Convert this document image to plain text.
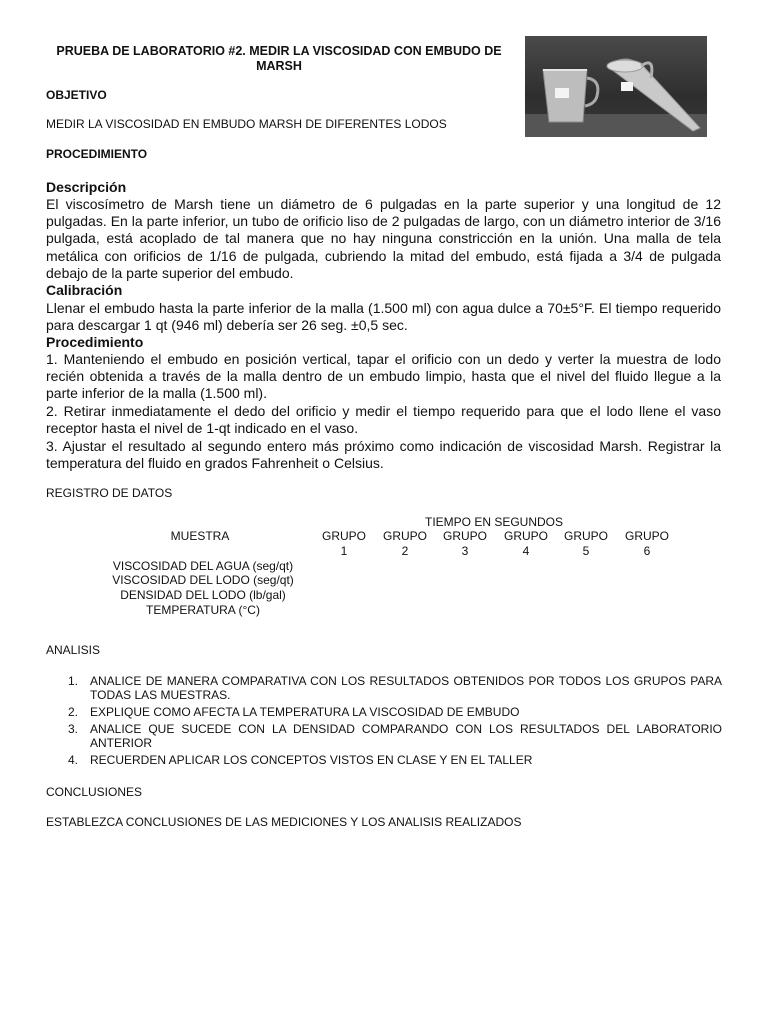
PRUEBA DE LABORATORIO #2. MEDIR LA VISCOSIDAD CON EMBUDO DE MARSH

OBJETIVO

MEDIR LA VISCOSIDAD EN EMBUDO MARSH DE DIFERENTES LODOS

PROCEDIMIENTO

Descripción

El viscosímetro de Marsh tiene un diámetro de 6 pulgadas en la parte superior y una longitud de 12 pulgadas. En la parte inferior, un tubo de orificio liso de 2 pulgadas de largo, con un diámetro interior de 3/16 pulgada, está acoplado de tal manera que no hay ninguna constricción en la unión. Una malla de tela metálica con orificios de 1/16 de pulgada, cubriendo la mitad del embudo, está fijada a 3/4 de pulgada debajo de la parte superior del embudo.

Calibración

Llenar el embudo hasta la parte inferior de la malla (1.500 ml) con agua dulce a 70±5°F. El tiempo requerido para descargar 1 qt (946 ml) debería ser 26 seg. ±0,5 sec.

Procedimiento

1. Manteniendo el embudo en posición vertical, tapar el orificio con un dedo y verter la muestra de lodo recién obtenida a través de la malla dentro de un embudo limpio, hasta que el nivel del fluido llegue a la parte inferior de la malla (1.500 ml).

2. Retirar inmediatamente el dedo del orificio y medir el tiempo requerido para que el lodo llene el vaso receptor hasta el nivel de 1-qt indicado en el vaso.

3. Ajustar el resultado al segundo entero más próximo como indicación de viscosidad Marsh. Registrar la temperatura del fluido en grados Fahrenheit o Celsius.

REGISTRO DE DATOS

TIEMPO EN SEGUNDOS
MUESTRA	GRUPO
1
GRUPO
2
GRUPO
3
GRUPO
4
GRUPO
5
GRUPO
6
VISCOSIDAD DEL AGUA (seg/qt)
VISCOSIDAD DEL LODO (seg/qt)
DENSIDAD DEL LODO (lb/gal)
TEMPERATURA (°C)

ANALISIS

1. ANALICE DE MANERA COMPARATIVA CON LOS RESULTADOS OBTENIDOS POR TODOS LOS GRUPOS PARA TODAS LAS MUESTRAS.
2. EXPLIQUE COMO AFECTA LA TEMPERATURA LA VISCOSIDAD DE EMBUDO
3. ANALICE QUE SUCEDE CON LA DENSIDAD COMPARANDO CON LOS RESULTADOS DEL LABORATORIO ANTERIOR
4. RECUERDEN APLICAR LOS CONCEPTOS VISTOS EN CLASE Y EN EL TALLER

CONCLUSIONES

ESTABLEZCA CONCLUSIONES DE LAS MEDICIONES Y LOS ANALISIS REALIZADOS
